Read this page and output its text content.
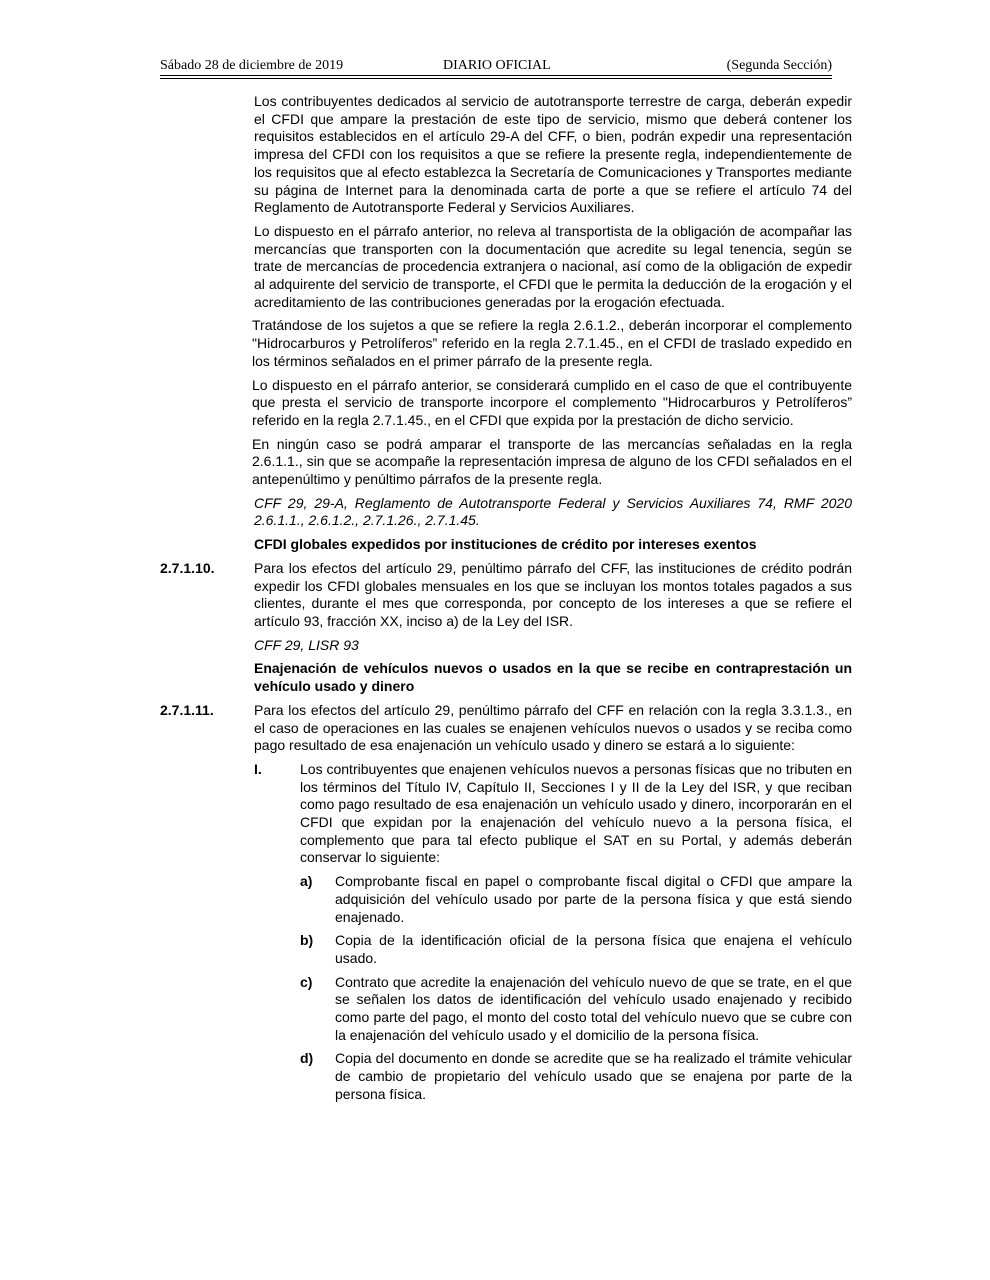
Sábado 28 de diciembre de 2019	DIARIO OFICIAL	(Segunda Sección)

Los contribuyentes dedicados al servicio de autotransporte terrestre de carga, deberán expedir el CFDI que ampare la prestación de este tipo de servicio, mismo que deberá contener los requisitos establecidos en el artículo 29-A del CFF, o bien, podrán expedir una representación impresa del CFDI con los requisitos a que se refiere la presente regla, independientemente de los requisitos que al efecto establezca la Secretaría de Comunicaciones y Transportes mediante su página de Internet para la denominada carta de porte a que se refiere el artículo 74 del Reglamento de Autotransporte Federal y Servicios Auxiliares.

Lo dispuesto en el párrafo anterior, no releva al transportista de la obligación de acompañar las mercancías que transporten con la documentación que acredite su legal tenencia, según se trate de mercancías de procedencia extranjera o nacional, así como de la obligación de expedir al adquirente del servicio de transporte, el CFDI que le permita la deducción de la erogación y el acreditamiento de las contribuciones generadas por la erogación efectuada.

Tratándose de los sujetos a que se refiere la regla 2.6.1.2., deberán incorporar el complemento "Hidrocarburos y Petrolíferos” referido en la regla 2.7.1.45., en el CFDI de traslado expedido en los términos señalados en el primer párrafo de la presente regla.

Lo dispuesto en el párrafo anterior, se considerará cumplido en el caso de que el contribuyente que presta el servicio de transporte incorpore el complemento "Hidrocarburos y Petrolíferos” referido en la regla 2.7.1.45., en el CFDI que expida por la prestación de dicho servicio.

En ningún caso se podrá amparar el transporte de las mercancías señaladas en la regla 2.6.1.1., sin que se acompañe la representación impresa de alguno de los CFDI señalados en el antepenúltimo y penúltimo párrafos de la presente regla.

CFF 29, 29-A, Reglamento de Autotransporte Federal y Servicios Auxiliares 74, RMF 2020 2.6.1.1., 2.6.1.2., 2.7.1.26., 2.7.1.45.

CFDI globales expedidos por instituciones de crédito por intereses exentos

2.7.1.10.	Para los efectos del artículo 29, penúltimo párrafo del CFF, las instituciones de crédito podrán expedir los CFDI globales mensuales en los que se incluyan los montos totales pagados a sus clientes, durante el mes que corresponda, por concepto de los intereses a que se refiere el artículo 93, fracción XX, inciso a) de la Ley del ISR.

CFF 29, LISR 93

Enajenación de vehículos nuevos o usados en la que se recibe en contraprestación un vehículo usado y dinero

2.7.1.11.	Para los efectos del artículo 29, penúltimo párrafo del CFF en relación con la regla 3.3.1.3., en el caso de operaciones en las cuales se enajenen vehículos nuevos o usados y se reciba como pago resultado de esa enajenación un vehículo usado y dinero se estará a lo siguiente:
I.	Los contribuyentes que enajenen vehículos nuevos a personas físicas que no tributen en los términos del Título IV, Capítulo II, Secciones I y II de la Ley del ISR, y que reciban como pago resultado de esa enajenación un vehículo usado y dinero, incorporarán en el CFDI que expidan por la enajenación del vehículo nuevo a la persona física, el complemento que para tal efecto publique el SAT en su Portal, y además deberán conservar lo siguiente:
a) Comprobante fiscal en papel o comprobante fiscal digital o CFDI que ampare la adquisición del vehículo usado por parte de la persona física y que está siendo enajenado.
b) Copia de la identificación oficial de la persona física que enajena el vehículo usado.
c) Contrato que acredite la enajenación del vehículo nuevo de que se trate, en el que se señalen los datos de identificación del vehículo usado enajenado y recibido como parte del pago, el monto del costo total del vehículo nuevo que se cubre con la enajenación del vehículo usado y el domicilio de la persona física.
d) Copia del documento en donde se acredite que se ha realizado el trámite vehicular de cambio de propietario del vehículo usado que se enajena por parte de la persona física.
